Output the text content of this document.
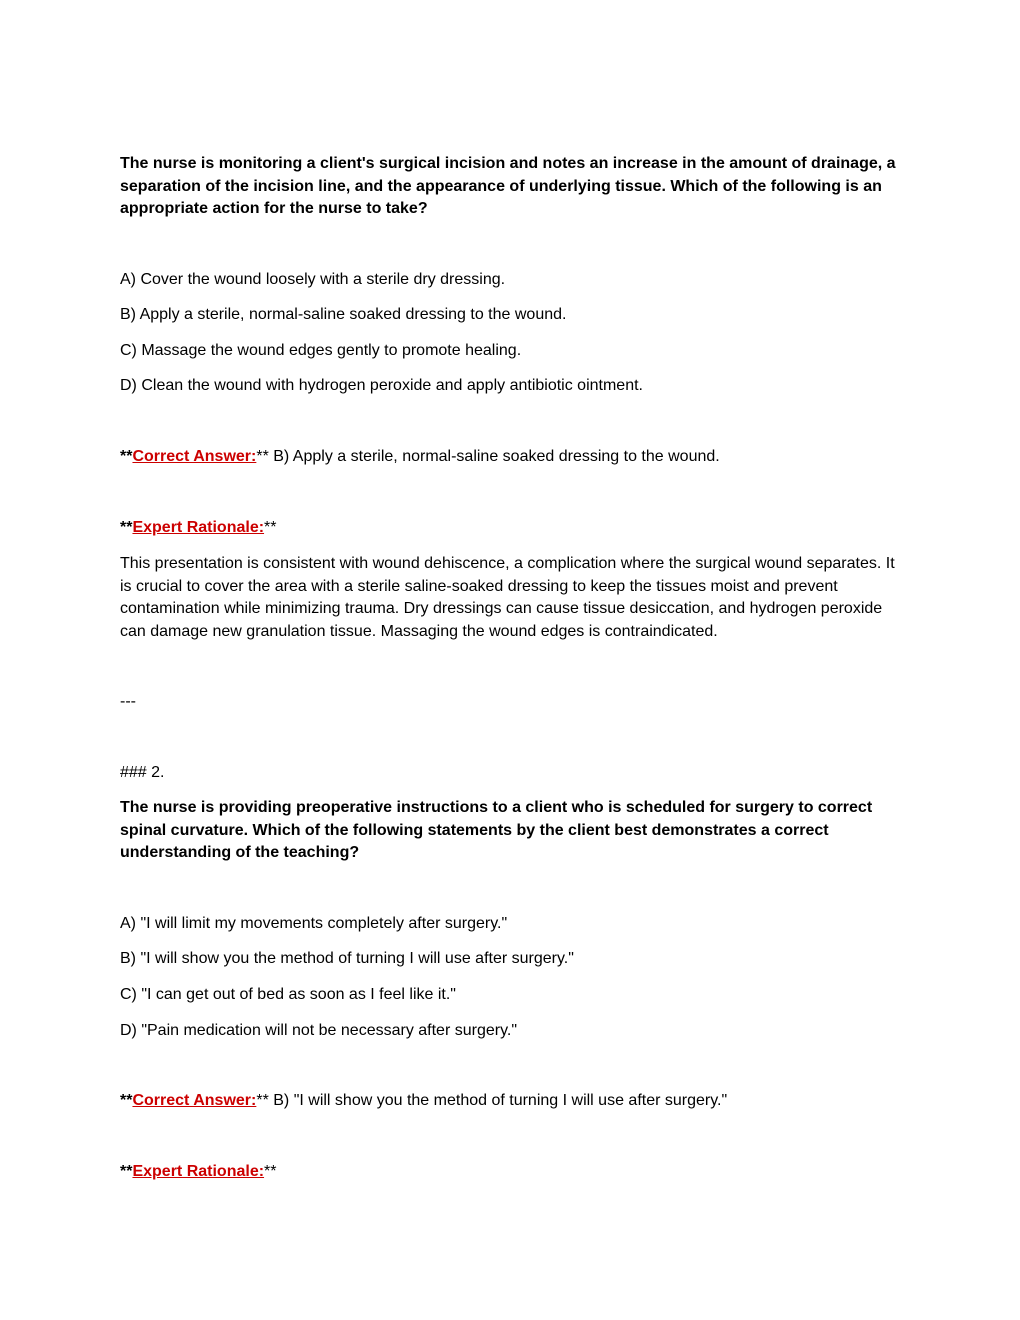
The nurse is monitoring a client's surgical incision and notes an increase in the amount of drainage, a separation of the incision line, and the appearance of underlying tissue. Which of the following is an appropriate action for the nurse to take?

A) Cover the wound loosely with a sterile dry dressing.

B) Apply a sterile, normal-saline soaked dressing to the wound.

C) Massage the wound edges gently to promote healing.

D) Clean the wound with hydrogen peroxide and apply antibiotic ointment.

**Correct Answer:** B) Apply a sterile, normal-saline soaked dressing to the wound.

**Expert Rationale:**

This presentation is consistent with wound dehiscence, a complication where the surgical wound separates. It is crucial to cover the area with a sterile saline-soaked dressing to keep the tissues moist and prevent contamination while minimizing trauma. Dry dressings can cause tissue desiccation, and hydrogen peroxide can damage new granulation tissue. Massaging the wound edges is contraindicated.

---

### 2.

The nurse is providing preoperative instructions to a client who is scheduled for surgery to correct spinal curvature. Which of the following statements by the client best demonstrates a correct understanding of the teaching?

A) "I will limit my movements completely after surgery."

B) "I will show you the method of turning I will use after surgery."

C) "I can get out of bed as soon as I feel like it."

D) "Pain medication will not be necessary after surgery."

**Correct Answer:** B) "I will show you the method of turning I will use after surgery."

**Expert Rationale:**
